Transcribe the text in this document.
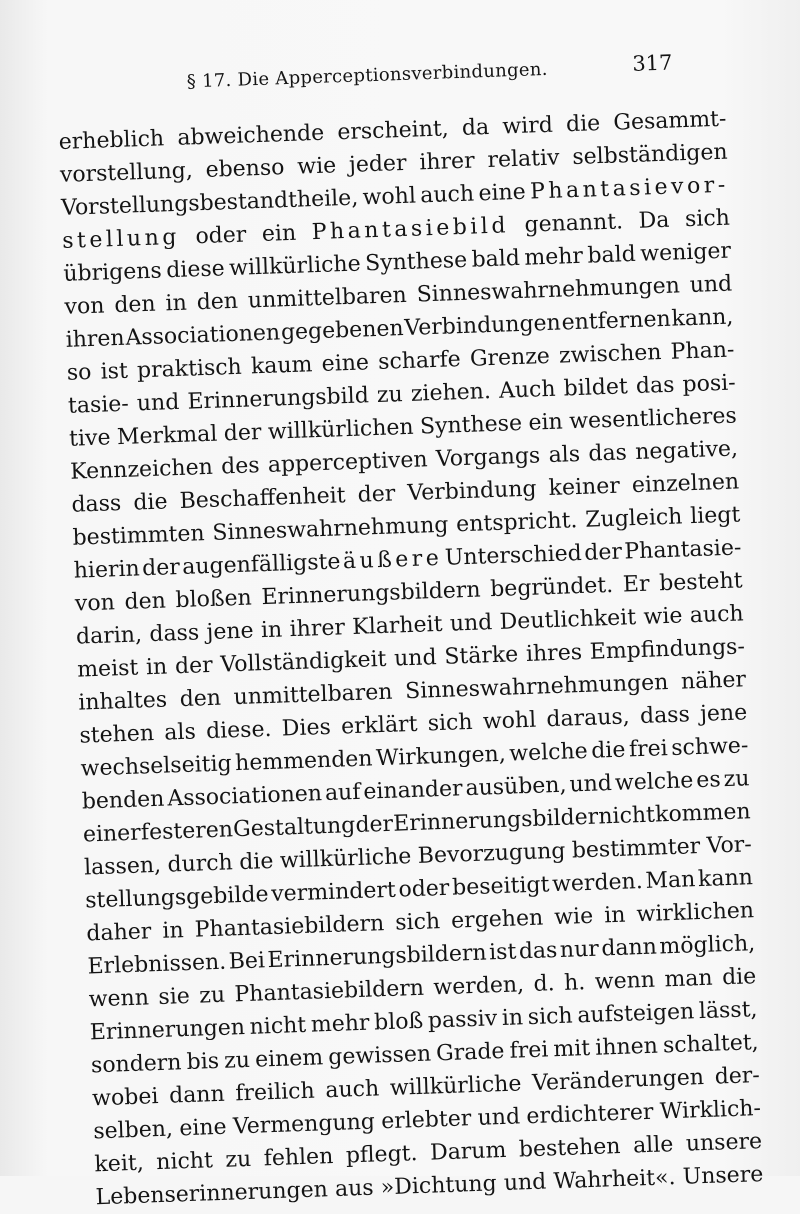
§ 17. Die Apperceptionsverbindungen.	317
erheblich abweichende erscheint, da wird die Gesammt-
vorstellung, ebenso wie jeder ihrer relativ selbständigen
Vorstellungsbestandtheile, wohl auch eine Phantasievor-
stellung oder ein Phantasiebild genannt. Da sich
übrigens diese willkürliche Synthese bald mehr bald weniger
von den in den unmittelbaren Sinneswahrnehmungen und
ihren Associationen gegebenen Verbindungen entfernen kann,
so ist praktisch kaum eine scharfe Grenze zwischen Phan-
tasie- und Erinnerungsbild zu ziehen. Auch bildet das posi-
tive Merkmal der willkürlichen Synthese ein wesentlicheres
Kennzeichen des apperceptiven Vorgangs als das negative,
dass die Beschaffenheit der Verbindung keiner einzelnen
bestimmten Sinneswahrnehmung entspricht. Zugleich liegt
hierin der augenfälligste äußere Unterschied der Phantasie-
von den bloßen Erinnerungsbildern begründet. Er besteht
darin, dass jene in ihrer Klarheit und Deutlichkeit wie auch
meist in der Vollständigkeit und Stärke ihres Empfindungs-
inhaltes den unmittelbaren Sinneswahrnehmungen näher
stehen als diese. Dies erklärt sich wohl daraus, dass jene
wechselseitig hemmenden Wirkungen, welche die frei schwe-
benden Associationen auf einander ausüben, und welche es zu
einer festeren Gestaltung der Erinnerungsbilder nicht kommen
lassen, durch die willkürliche Bevorzugung bestimmter Vor-
stellungsgebilde vermindert oder beseitigt werden. Man kann
daher in Phantasiebildern sich ergehen wie in wirklichen
Erlebnissen. Bei Erinnerungsbildern ist das nur dann möglich,
wenn sie zu Phantasiebildern werden, d. h. wenn man die
Erinnerungen nicht mehr bloß passiv in sich aufsteigen lässt,
sondern bis zu einem gewissen Grade frei mit ihnen schaltet,
wobei dann freilich auch willkürliche Veränderungen der-
selben, eine Vermengung erlebter und erdichterer Wirklich-
keit, nicht zu fehlen pflegt. Darum bestehen alle unsere
Lebenserinnerungen aus »Dichtung und Wahrheit«. Unsere
